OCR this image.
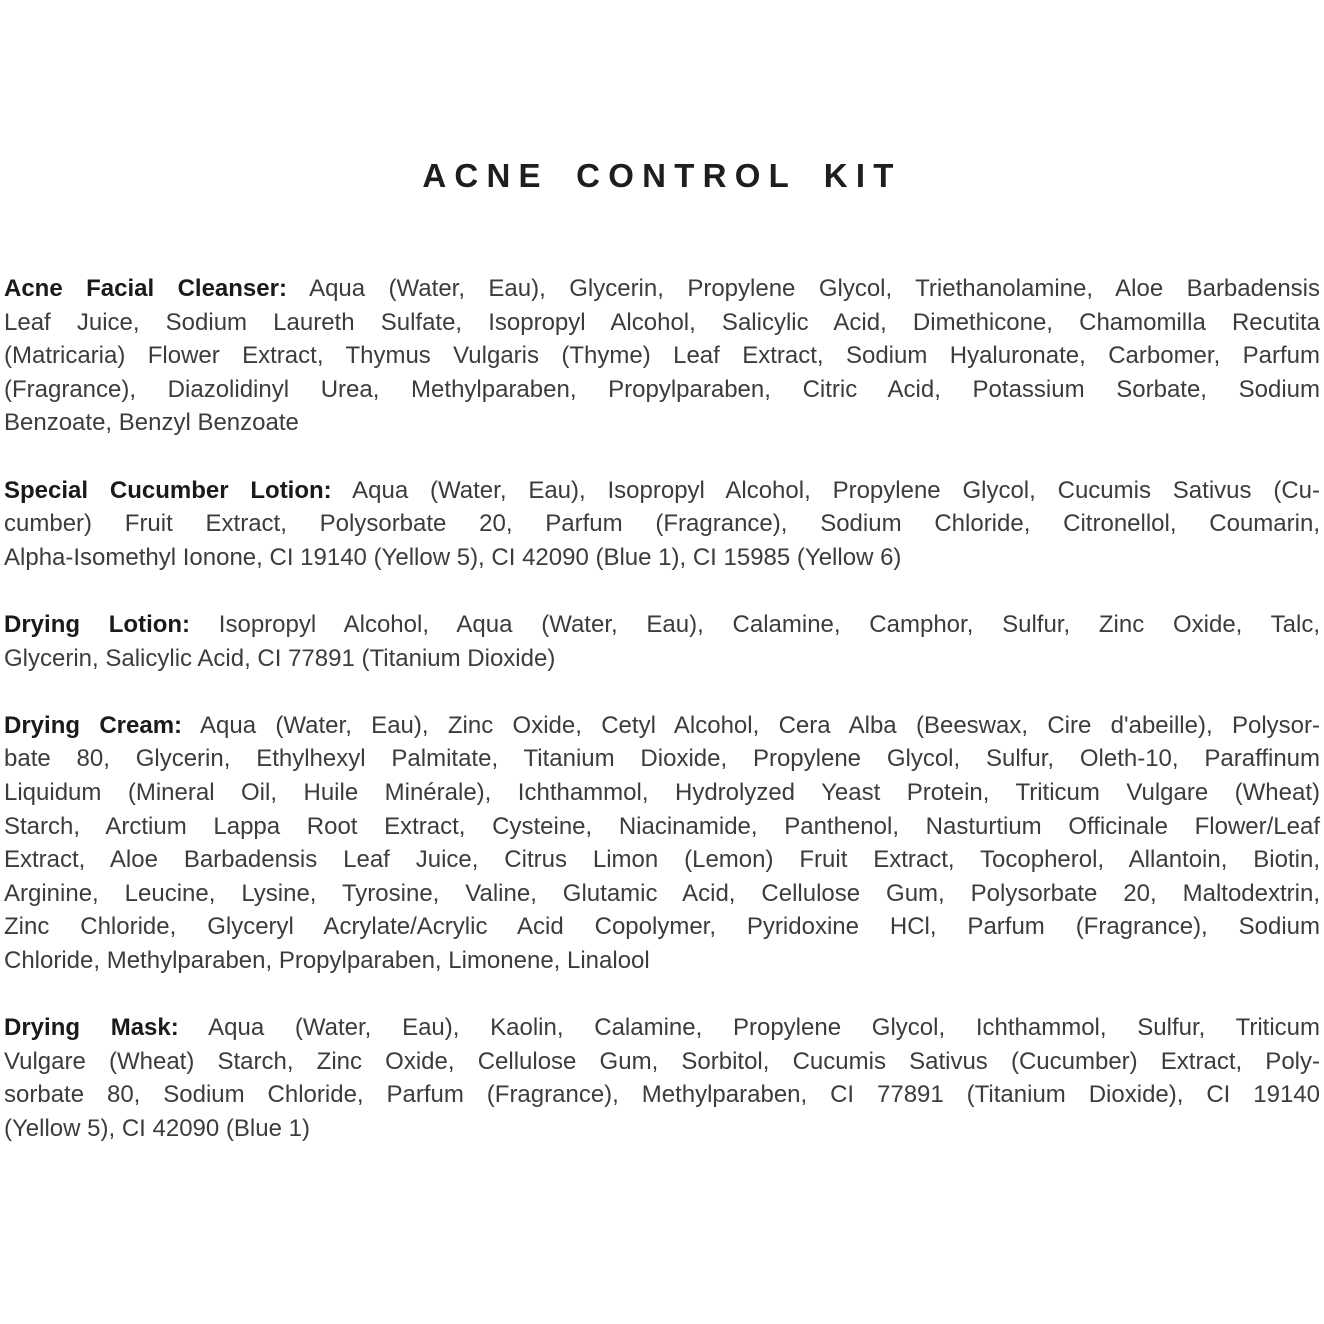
ACNE CONTROL KIT
Acne Facial Cleanser: Aqua (Water, Eau), Glycerin, Propylene Glycol, Triethanolamine, Aloe Barbadensis
Leaf Juice, Sodium Laureth Sulfate, Isopropyl Alcohol, Salicylic Acid, Dimethicone, Chamomilla Recutita
(Matricaria) Flower Extract, Thymus Vulgaris (Thyme) Leaf Extract, Sodium Hyaluronate, Carbomer, Parfum
(Fragrance), Diazolidinyl Urea, Methylparaben, Propylparaben, Citric Acid, Potassium Sorbate, Sodium
Benzoate, Benzyl Benzoate
Special Cucumber Lotion: Aqua (Water, Eau), Isopropyl Alcohol, Propylene Glycol, Cucumis Sativus (Cu-
cumber) Fruit Extract, Polysorbate 20, Parfum (Fragrance), Sodium Chloride, Citronellol, Coumarin,
Alpha-Isomethyl Ionone, CI 19140 (Yellow 5), CI 42090 (Blue 1), CI 15985 (Yellow 6)
Drying Lotion: Isopropyl Alcohol, Aqua (Water, Eau), Calamine, Camphor, Sulfur, Zinc Oxide, Talc,
Glycerin, Salicylic Acid, CI 77891 (Titanium Dioxide)
Drying Cream: Aqua (Water, Eau), Zinc Oxide, Cetyl Alcohol, Cera Alba (Beeswax, Cire d'abeille), Polysor-
bate 80, Glycerin, Ethylhexyl Palmitate, Titanium Dioxide, Propylene Glycol, Sulfur, Oleth-10, Paraffinum
Liquidum (Mineral Oil, Huile Minérale), Ichthammol, Hydrolyzed Yeast Protein, Triticum Vulgare (Wheat)
Starch, Arctium Lappa Root Extract, Cysteine, Niacinamide, Panthenol, Nasturtium Officinale Flower/Leaf
Extract, Aloe Barbadensis Leaf Juice, Citrus Limon (Lemon) Fruit Extract, Tocopherol, Allantoin, Biotin,
Arginine, Leucine, Lysine, Tyrosine, Valine, Glutamic Acid, Cellulose Gum, Polysorbate 20, Maltodextrin,
Zinc Chloride, Glyceryl Acrylate/Acrylic Acid Copolymer, Pyridoxine HCl, Parfum (Fragrance), Sodium
Chloride, Methylparaben, Propylparaben, Limonene, Linalool
Drying Mask: Aqua (Water, Eau), Kaolin, Calamine, Propylene Glycol, Ichthammol, Sulfur, Triticum
Vulgare (Wheat) Starch, Zinc Oxide, Cellulose Gum, Sorbitol, Cucumis Sativus (Cucumber) Extract, Poly-
sorbate 80, Sodium Chloride, Parfum (Fragrance), Methylparaben, CI 77891 (Titanium Dioxide), CI 19140
(Yellow 5), CI 42090 (Blue 1)
